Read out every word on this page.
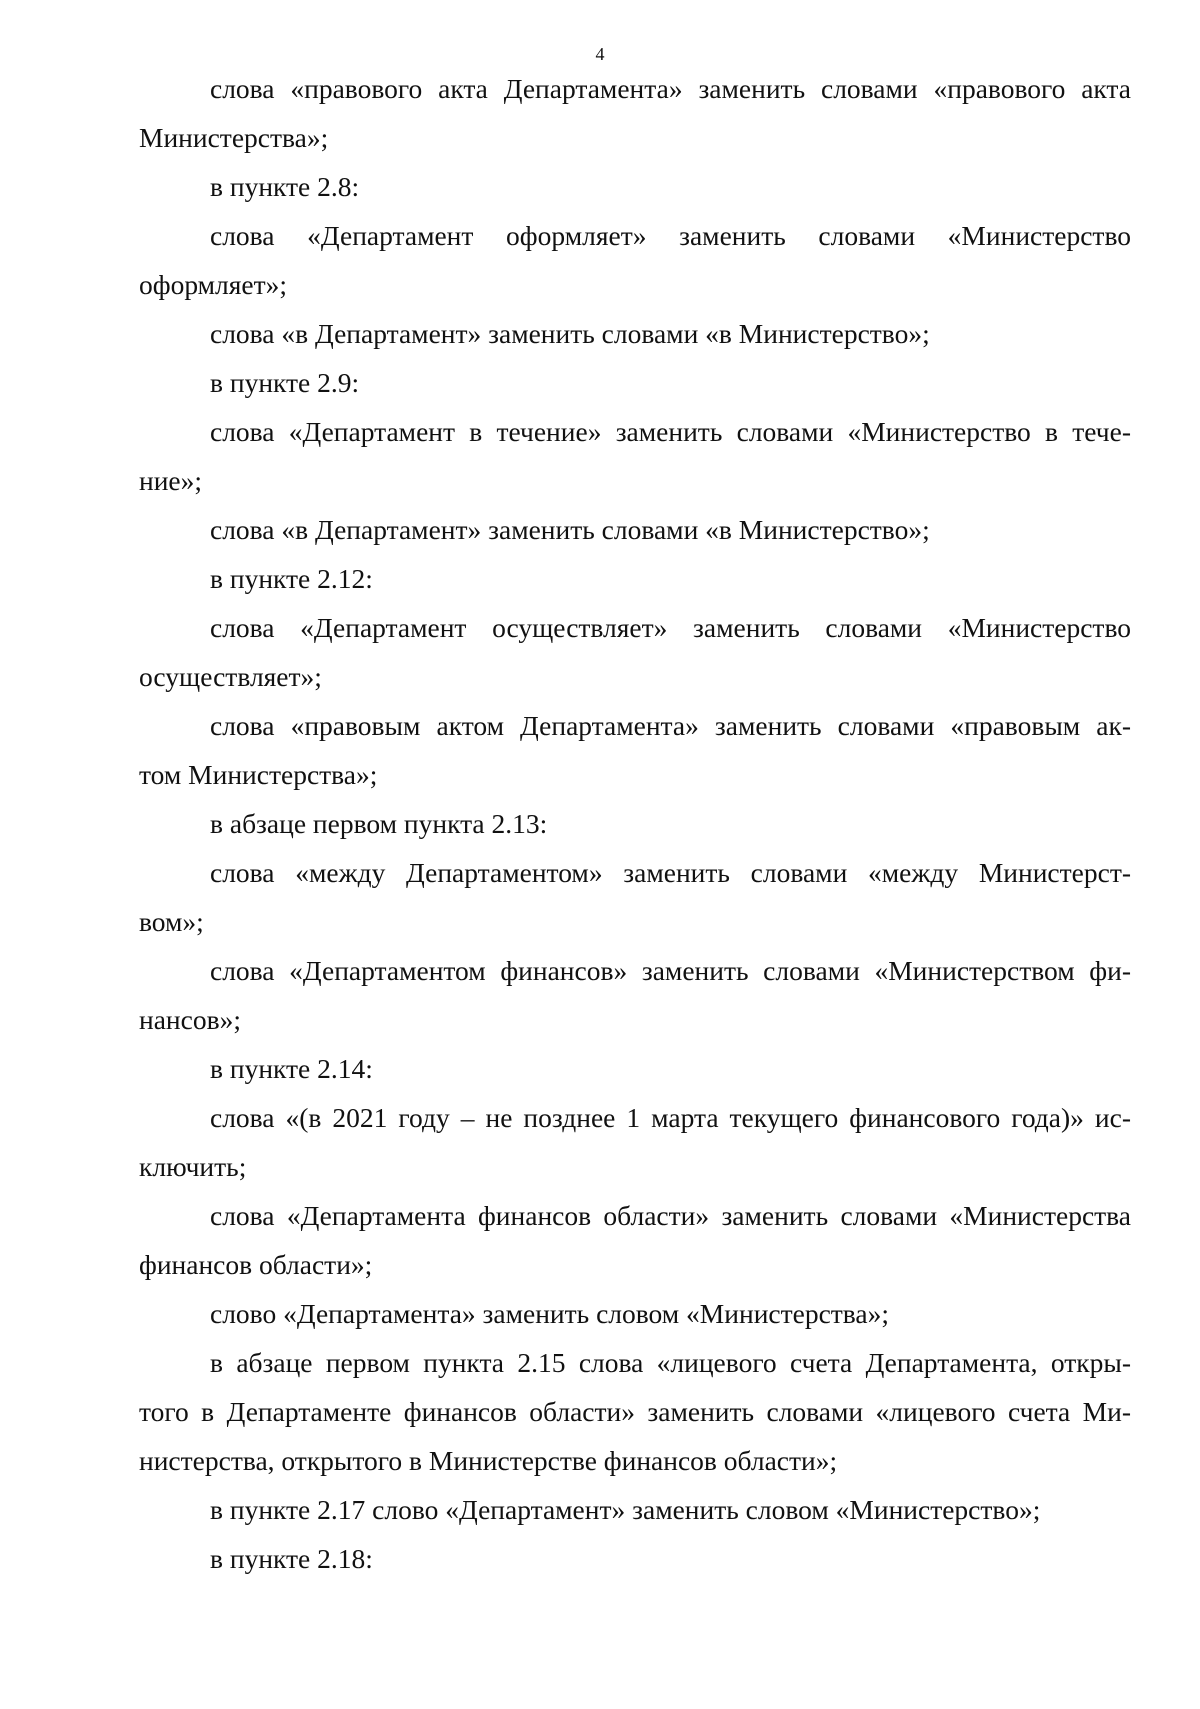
4
слова «правового акта Департамента» заменить словами «правового акта
Министерства»;
в пункте 2.8:
слова «Департамент оформляет» заменить словами «Министерство
оформляет»;
слова «в Департамент» заменить словами «в Министерство»;
в пункте 2.9:
слова «Департамент в течение» заменить словами «Министерство в тече-
ние»;
слова «в Департамент» заменить словами «в Министерство»;
в пункте 2.12:
слова «Департамент осуществляет» заменить словами «Министерство
осуществляет»;
слова «правовым актом Департамента» заменить словами «правовым ак-
том Министерства»;
в абзаце первом пункта 2.13:
слова «между Департаментом» заменить словами «между Министерст-
вом»;
слова «Департаментом финансов» заменить словами «Министерством фи-
нансов»;
в пункте 2.14:
слова «(в 2021 году – не позднее 1 марта текущего финансового года)» ис-
ключить;
слова «Департамента финансов области» заменить словами «Министерства
финансов области»;
слово «Департамента» заменить словом «Министерства»;
в абзаце первом пункта 2.15 слова «лицевого счета Департамента, откры-
того в Департаменте финансов области» заменить словами «лицевого счета Ми-
нистерства, открытого в Министерстве финансов области»;
в пункте 2.17 слово «Департамент» заменить словом «Министерство»;
в пункте 2.18:
